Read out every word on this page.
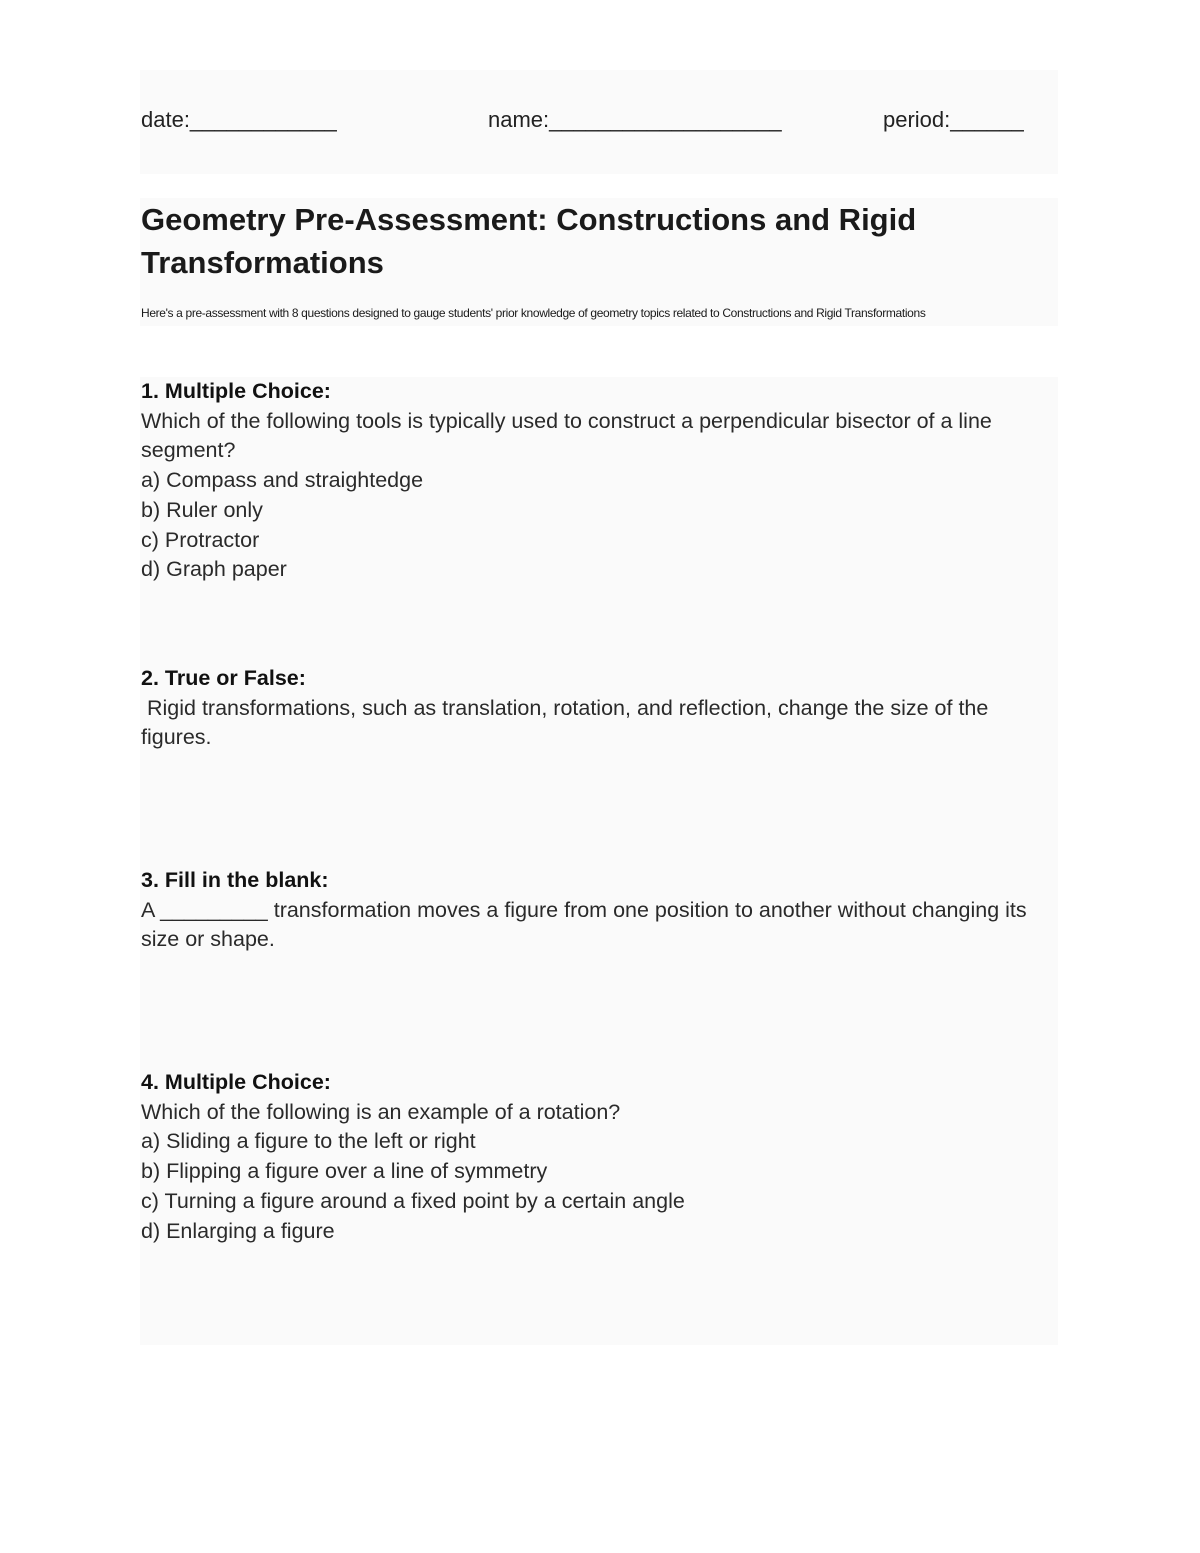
date:____________	name:___________________	period:______
Geometry Pre-Assessment: Constructions and Rigid Transformations

Here's a pre-assessment with 8 questions designed to gauge students' prior knowledge of geometry topics related to Constructions and Rigid Transformations

1. Multiple Choice:

Which of the following tools is typically used to construct a perpendicular bisector of a line segment?

a) Compass and straightedge

b) Ruler only

c) Protractor

d) Graph paper

2. True or False:

Rigid transformations, such as translation, rotation, and reflection, change the size of the figures.

3. Fill in the blank:

A _________ transformation moves a figure from one position to another without changing its size or shape.

4. Multiple Choice:

Which of the following is an example of a rotation?

a) Sliding a figure to the left or right

b) Flipping a figure over a line of symmetry

c) Turning a figure around a fixed point by a certain angle

d) Enlarging a figure
